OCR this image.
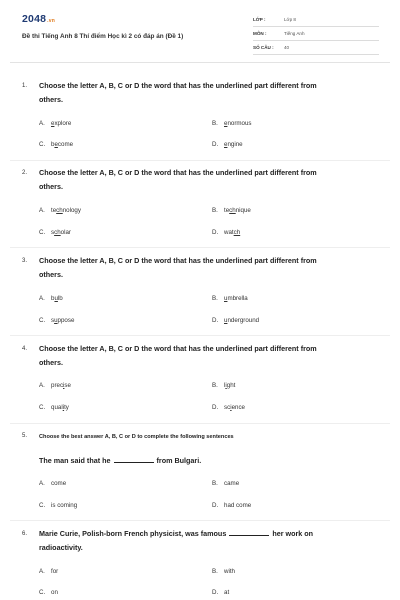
2048.vn
Đề thi Tiếng Anh 8 Thí điểm Học kì 2 có đáp án (Đề 1)
LỚP :	Lớp 8
MÔN :	Tiếng Anh
SỐ CÂU : 40
1. Choose the letter A, B, C or D the word that has the underlined part different from
others.
A. explore	B. enormous
C. become	D. engine
2. Choose the letter A, B, C or D the word that has the underlined part different from
others.
A. technology	B. technique
C. scholar	D. watch
3. Choose the letter A, B, C or D the word that has the underlined part different from
others.
A. bulb	B. umbrella
C. suppose	D. underground
4. Choose the letter A, B, C or D the word that has the underlined part different from
others.
A. precise	B. light
C. quality	D. science
5. Choose the best answer A, B, C or D to complete the following sentences
The man said that he	from Bulgari.
A. come	B. came
C. is coming	D. had come
6. Marie Curie, Polish-born French physicist, was famous	her work on
radioactivity.
A. for	B. with
C. on	D. at
